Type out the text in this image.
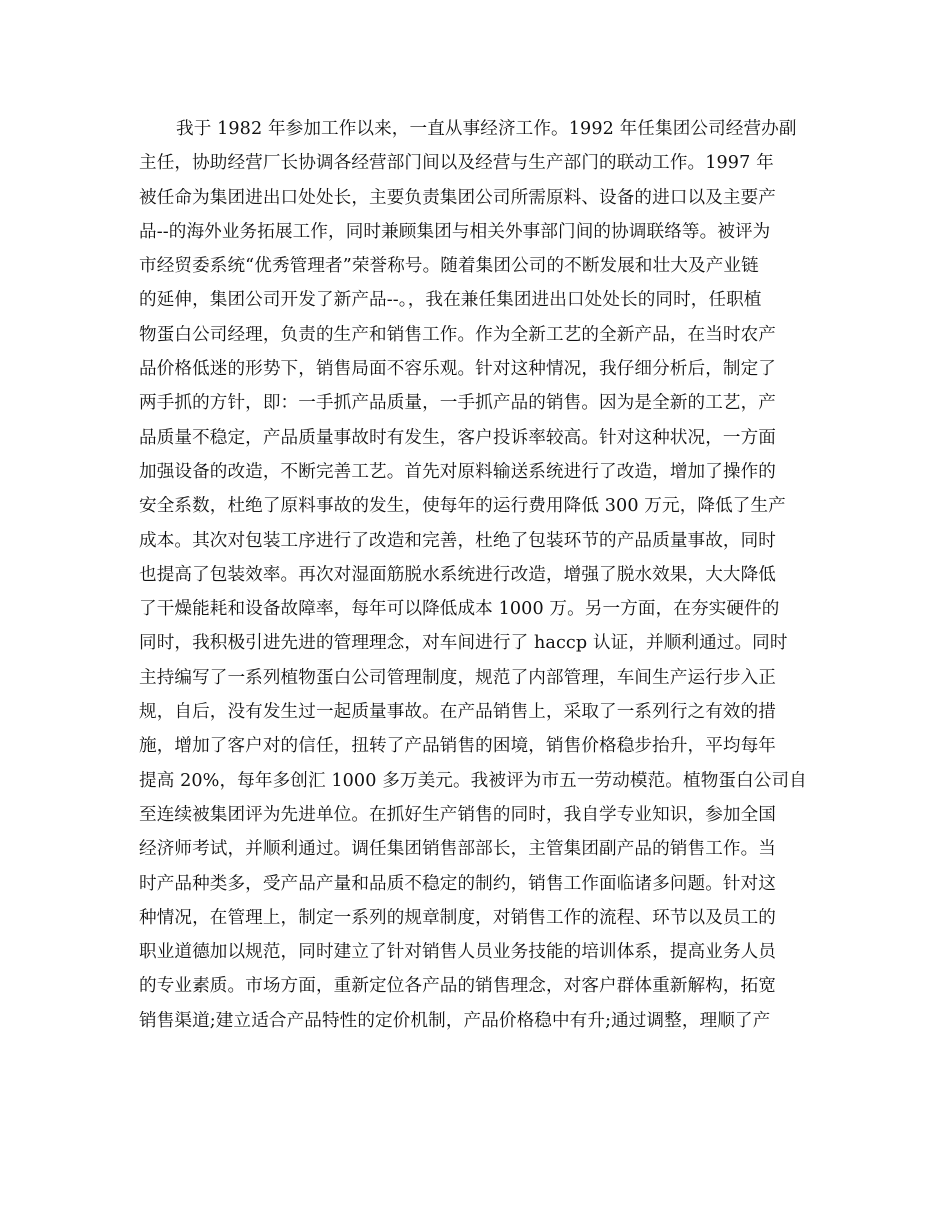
我于 1982 年参加工作以来，一直从事经济工作。1992 年任集团公司经营办副
主任，协助经营厂长协调各经营部门间以及经营与生产部门的联动工作。1997 年
被任命为集团进出口处处长，主要负责集团公司所需原料、设备的进口以及主要产
品--的海外业务拓展工作，同时兼顾集团与相关外事部门间的协调联络等。被评为
市经贸委系统“优秀管理者”荣誉称号。随着集团公司的不断发展和壮大及产业链
的延伸，集团公司开发了新产品--。，我在兼任集团进出口处处长的同时，任职植
物蛋白公司经理，负责的生产和销售工作。作为全新工艺的全新产品，在当时农产
品价格低迷的形势下，销售局面不容乐观。针对这种情况，我仔细分析后，制定了
两手抓的方针，即：一手抓产品质量，一手抓产品的销售。因为是全新的工艺，产
品质量不稳定，产品质量事故时有发生，客户投诉率较高。针对这种状况，一方面
加强设备的改造，不断完善工艺。首先对原料输送系统进行了改造，增加了操作的
安全系数，杜绝了原料事故的发生，使每年的运行费用降低 300 万元，降低了生产
成本。其次对包装工序进行了改造和完善，杜绝了包装环节的产品质量事故，同时
也提高了包装效率。再次对湿面筋脱水系统进行改造，增强了脱水效果，大大降低
了干燥能耗和设备故障率，每年可以降低成本 1000 万。另一方面，在夯实硬件的
同时，我积极引进先进的管理理念，对车间进行了 haccp 认证，并顺利通过。同时
主持编写了一系列植物蛋白公司管理制度，规范了内部管理，车间生产运行步入正
规，自后，没有发生过一起质量事故。在产品销售上，采取了一系列行之有效的措
施，增加了客户对的信任，扭转了产品销售的困境，销售价格稳步抬升，平均每年
提高 20%，每年多创汇 1000 多万美元。我被评为市五一劳动模范。植物蛋白公司自
至连续被集团评为先进单位。在抓好生产销售的同时，我自学专业知识，参加全国
经济师考试，并顺利通过。调任集团销售部部长，主管集团副产品的销售工作。当
时产品种类多，受产品产量和品质不稳定的制约，销售工作面临诸多问题。针对这
种情况，在管理上，制定一系列的规章制度，对销售工作的流程、环节以及员工的
职业道德加以规范，同时建立了针对销售人员业务技能的培训体系，提高业务人员
的专业素质。市场方面，重新定位各产品的销售理念，对客户群体重新解构，拓宽
销售渠道;建立适合产品特性的定价机制，产品价格稳中有升;通过调整，理顺了产
